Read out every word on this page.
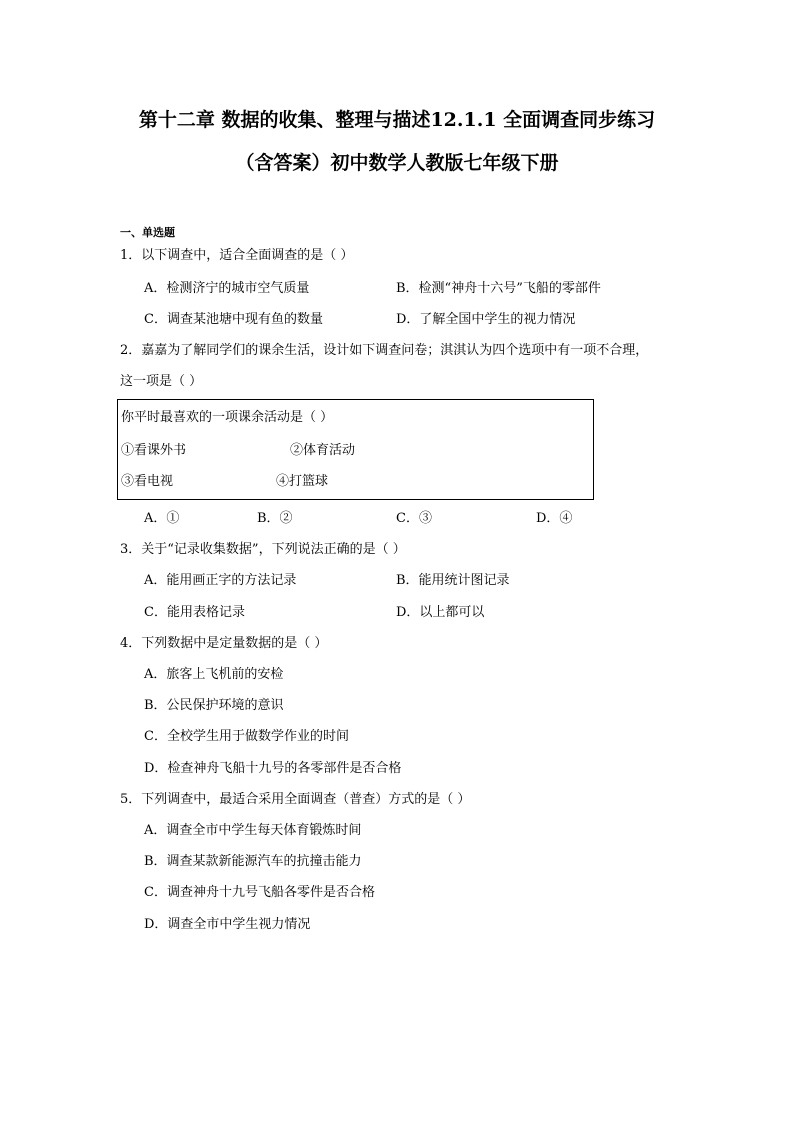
第十二章 数据的收集、整理与描述12.1.1 全面调查同步练习
（含答案）初中数学人教版七年级下册
一、单选题
1．以下调查中，适合全面调查的是（ ）
A．检测济宁的城市空气质量	B．检测“神舟十六号”飞船的零部件
C．调查某池塘中现有鱼的数量	D．了解全国中学生的视力情况
2．嘉嘉为了解同学们的课余生活，设计如下调查问卷；淇淇认为四个选项中有一项不合理，
这一项是（ ）
你平时最喜欢的一项课余活动是（ ）
①看课外书	②体育活动
③看电视	④打篮球
A．①	B．②	C．③	D．④
3．关于“记录收集数据”，下列说法正确的是（ ）
A．能用画正字的方法记录	B．能用统计图记录
C．能用表格记录	D．以上都可以
4．下列数据中是定量数据的是（ ）
A．旅客上飞机前的安检
B．公民保护环境的意识
C．全校学生用于做数学作业的时间
D．检查神舟飞船十九号的各零部件是否合格
5．下列调查中，最适合采用全面调查（普查）方式的是（ ）
A．调查全市中学生每天体育锻炼时间
B．调查某款新能源汽车的抗撞击能力
C．调查神舟十九号飞船各零件是否合格
D．调查全市中学生视力情况
